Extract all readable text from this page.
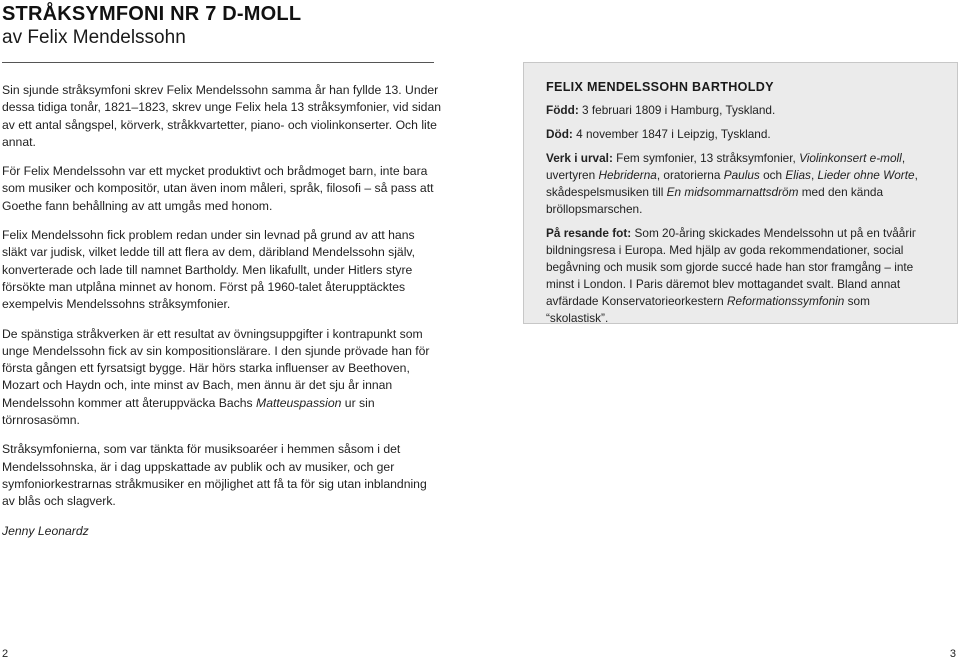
STRÅKSYMFONI NR 7 D-MOLL
av Felix Mendelssohn

Sin sjunde stråksymfoni skrev Felix Mendelssohn samma år han fyllde 13. Under dessa tidiga tonår, 1821–1823, skrev unge Felix hela 13 stråksymfonier, vid sidan av ett antal sångspel, körverk, stråkkvartetter, piano- och violinkonserter. Och lite annat.

För Felix Mendelssohn var ett mycket produktivt och brådmoget barn, inte bara som musiker och kompositör, utan även inom måleri, språk, filosofi – så pass att Goethe fann behållning av att umgås med honom.

Felix Mendelssohn fick problem redan under sin levnad på grund av att hans släkt var judisk, vilket ledde till att flera av dem, däribland Mendelssohn själv, konverterade och lade till namnet Bartholdy. Men likafullt, under Hitlers styre försökte man utplåna minnet av honom. Först på 1960-talet återupptäcktes exempelvis Mendelssohns stråksymfonier.

De spänstiga stråkverken är ett resultat av övningsuppgifter i kontrapunkt som unge Mendelssohn fick av sin kompositionslärare. I den sjunde prövade han för första gången ett fyrsatsigt bygge. Här hörs starka influenser av Beethoven, Mozart och Haydn och, inte minst av Bach, men ännu är det sju år innan Mendelssohn kommer att återuppväcka Bachs Matteuspassion ur sin törnrosasömn.

Stråksymfonierna, som var tänkta för musiksoaréer i hemmen såsom i det Mendelssohnska, är i dag uppskattade av publik och av musiker, och ger symfoniorkestrarnas stråkmusiker en möjlighet att få ta för sig utan inblandning av blås och slagverk.

Jenny Leonardz

FELIX MENDELSSOHN BARTHOLDY

Född: 3 februari 1809 i Hamburg, Tyskland.

Död: 4 november 1847 i Leipzig, Tyskland.

Verk i urval: Fem symfonier, 13 stråksymfonier, Violinkonsert e-moll, uvertyren Hebriderna, oratorierna Paulus och Elias, Lieder ohne Worte, skådespelsmusiken till En midsommarnattsdröm med den kända bröllopsmarschen.

På resande fot: Som 20-åring skickades Mendelssohn ut på en tvååriг bildningsresa i Europa. Med hjälp av goda rekommendationer, social begåvning och musik som gjorde succé hade han stor framgång – inte minst i London. I Paris däremot blev mottagandet svalt. Bland annat avfärdade Konservatorieorkestern Reformationssymfonin som “skolastisk”.

2	3
